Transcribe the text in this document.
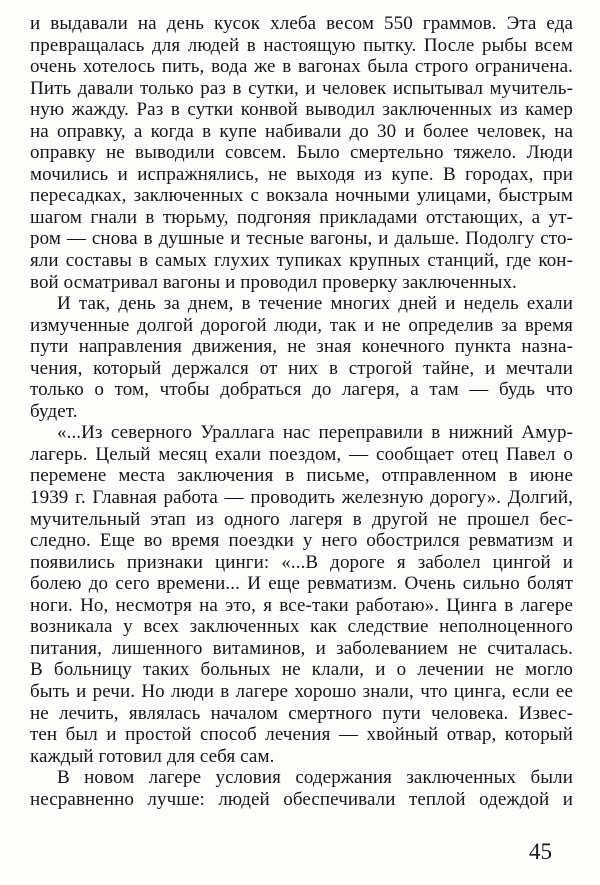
и выдавали на день кусок хлеба весом 550 граммов. Эта еда
превращалась для людей в настоящую пытку. После рыбы всем
очень хотелось пить, вода же в вагонах была строго ограничена.
Пить давали только раз в сутки, и человек испытывал мучитель-
ную жажду. Раз в сутки конвой выводил заключенных из камер
на оправку, а когда в купе набивали до 30 и более человек, на
оправку не выводили совсем. Было смертельно тяжело. Люди
мочились и испражнялись, не выходя из купе. В городах, при
пересадках, заключенных с вокзала ночными улицами, быстрым
шагом гнали в тюрьму, подгоняя прикладами отстающих, а ут-
ром — снова в душные и тесные вагоны, и дальше. Подолгу сто-
яли составы в самых глухих тупиках крупных станций, где кон-
вой осматривал вагоны и проводил проверку заключенных.
И так, день за днем, в течение многих дней и недель ехали
измученные долгой дорогой люди, так и не определив за время
пути направления движения, не зная конечного пункта назна-
чения, который держался от них в строгой тайне, и мечтали
только о том, чтобы добраться до лагеря, а там — будь что
будет.
«...Из северного Ураллага нас переправили в нижний Амур-
лагерь. Целый месяц ехали поездом, — сообщает отец Павел о
перемене места заключения в письме, отправленном в июне
1939 г. Главная работа — проводить железную дорогу». Долгий,
мучительный этап из одного лагеря в другой не прошел бес-
следно. Еще во время поездки у него обострился ревматизм и
появились признаки цинги: «...В дороге я заболел цингой и
болею до сего времени... И еще ревматизм. Очень сильно болят
ноги. Но, несмотря на это, я все-таки работаю». Цинга в лагере
возникала у всех заключенных как следствие неполноценного
питания, лишенного витаминов, и заболеванием не считалась.
В больницу таких больных не клали, и о лечении не могло
быть и речи. Но люди в лагере хорошо знали, что цинга, если ее
не лечить, являлась началом смертного пути человека. Извес-
тен был и простой способ лечения — хвойный отвар, который
каждый готовил для себя сам.
В новом лагере условия содержания заключенных были
несравненно лучше: людей обеспечивали теплой одеждой и
45
